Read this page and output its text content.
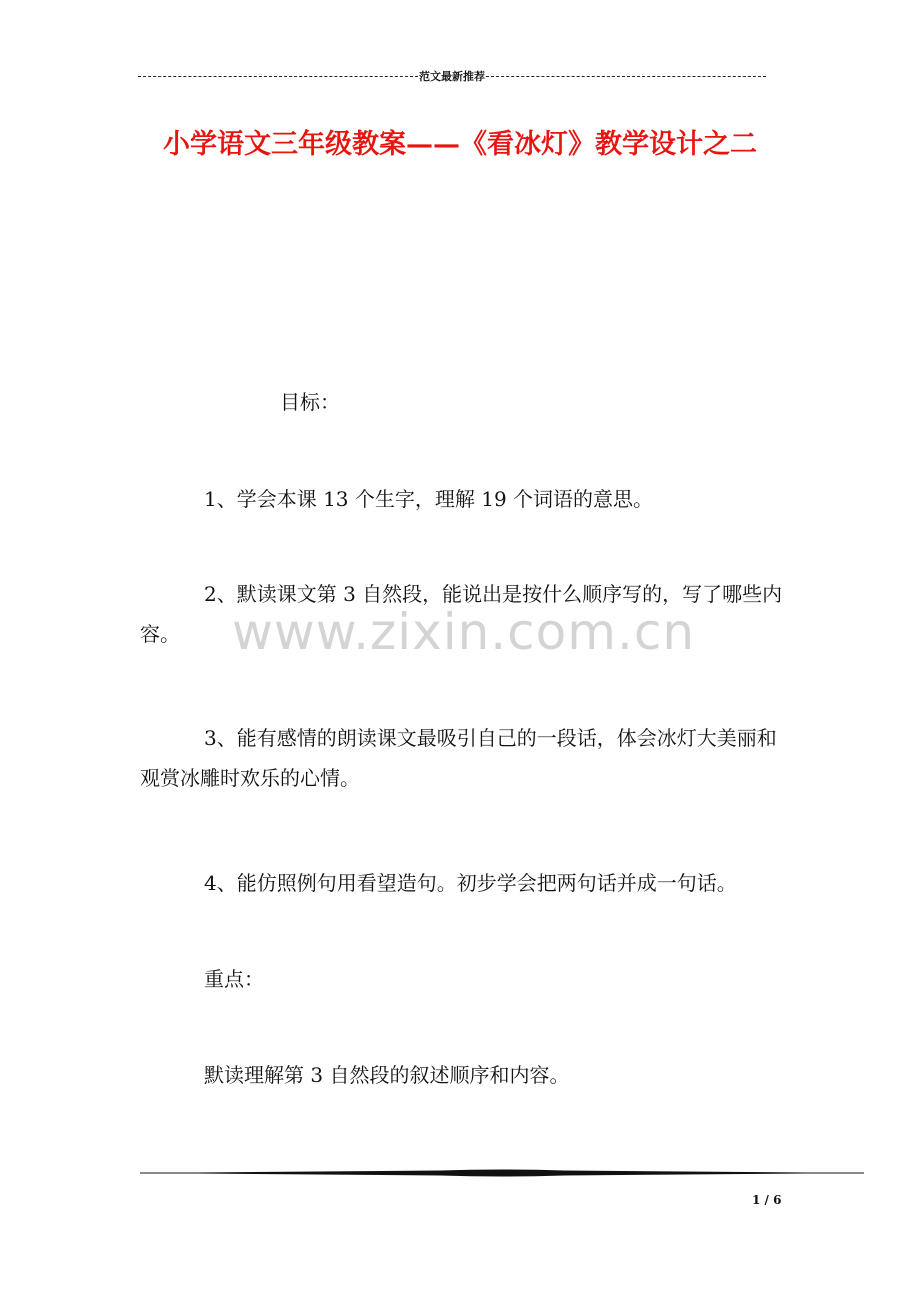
范文最新推荐
小学语文三年级教案——《看冰灯》教学设计之二
目标：
1、学会本课 13 个生字，理解 19 个词语的意思。
2、默读课文第 3 自然段，能说出是按什么顺序写的，写了哪些内容。
3、能有感情的朗读课文最吸引自己的一段话，体会冰灯大美丽和观赏冰雕时欢乐的心情。
4、能仿照例句用看望造句。初步学会把两句话并成一句话。
重点：
默读理解第 3 自然段的叙述顺序和内容。
www.zixin.com.cn
1 / 6
